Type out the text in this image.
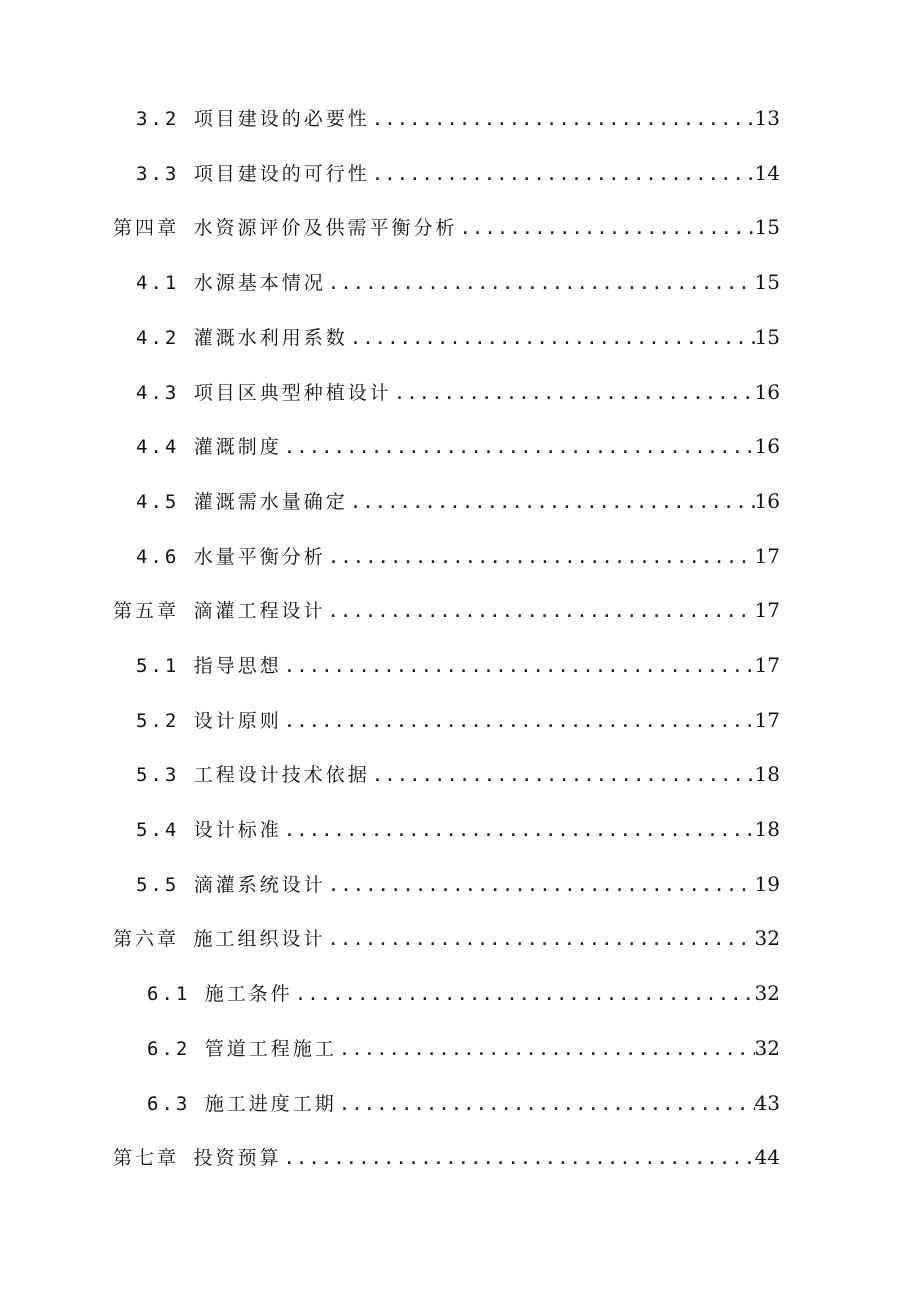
3.2 项目建设的必要性 .....	13
3.3 项目建设的可行性 .....	14
第四章 水资源评价及供需平衡分析 .....	15
4.1 水源基本情况 .....	15
4.2 灌溉水利用系数 .....	15
4.3 项目区典型种植设计 .....	16
4.4 灌溉制度 .....	16
4.5 灌溉需水量确定 .....	16
4.6 水量平衡分析 .....	17
第五章 滴灌工程设计 .....	17
5.1 指导思想 .....	17
5.2 设计原则 .....	17
5.3 工程设计技术依据 .....	18
5.4 设计标准 .....	18
5.5 滴灌系统设计 .....	19
第六章 施工组织设计 .....	32
6.1 施工条件 .....	32
6.2 管道工程施工 .....	32
6.3 施工进度工期 .....	43
第七章 投资预算 .....	44
